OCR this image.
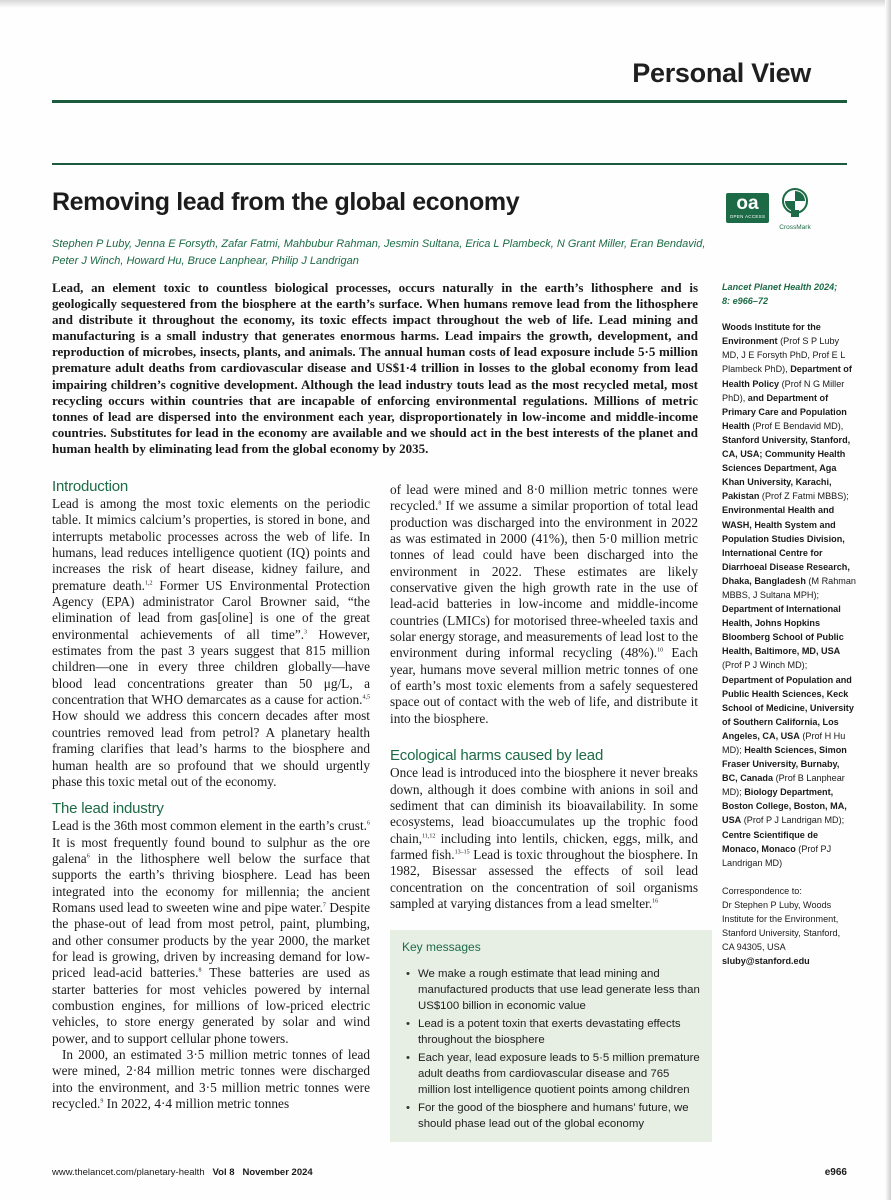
Personal View
Removing lead from the global economy	oa
OPEN ACCESS
CrossMark
Stephen P Luby, Jenna E Forsyth, Zafar Fatmi, Mahbubur Rahman, Jesmin Sultana, Erica L Plambeck, N Grant Miller, Eran Bendavid, Peter J Winch, Howard Hu, Bruce Lanphear, Philip J Landrigan

Lead, an element toxic to countless biological processes, occurs naturally in the earth’s lithosphere and is geologically sequestered from the biosphere at the earth’s surface. When humans remove lead from the lithosphere and distribute it throughout the economy, its toxic effects impact throughout the web of life. Lead mining and manufacturing is a small industry that generates enormous harms. Lead impairs the growth, development, and reproduction of microbes, insects, plants, and animals. The annual human costs of lead exposure include 5·5 million premature adult deaths from cardiovascular disease and US$1·4 trillion in losses to the global economy from lead impairing children’s cognitive development. Although the lead industry touts lead as the most recycled metal, most recycling occurs within countries that are incapable of enforcing environmental regulations. Millions of metric tonnes of lead are dispersed into the environment each year, disproportionately in low-income and middle-income countries. Substitutes for lead in the economy are available and we should act in the best interests of the planet and human health by eliminating lead from the global economy by 2035.

Introduction

Lead is among the most toxic elements on the periodic table. It mimics calcium’s properties, is stored in bone, and interrupts metabolic processes across the web of life. In humans, lead reduces intelligence quotient (IQ) points and increases the risk of heart disease, kidney failure, and premature death.$^{1,2}$ Former US Environmental Protection Agency (EPA) administrator Carol Browner said, “the elimination of lead from gas[oline] is one of the great environmental achievements of all time”.$^3$ However, estimates from the past 3 years suggest that 815 million children—one in every three children globally—have blood lead concentrations greater than 50 μg/L, a concentration that WHO demarcates as a cause for action.$^{4,5}$ How should we address this concern decades after most countries removed lead from petrol? A planetary health framing clarifies that lead’s harms to the biosphere and human health are so profound that we should urgently phase this toxic metal out of the economy.

The lead industry

Lead is the 36th most common element in the earth’s crust.$^6$ It is most frequently found bound to sulphur as the ore galena$^6$ in the lithosphere well below the surface that supports the earth’s thriving biosphere. Lead has been integrated into the economy for millennia; the ancient Romans used lead to sweeten wine and pipe water.$^7$ Despite the phase-out of lead from most petrol, paint, plumbing, and other consumer products by the year 2000, the market for lead is growing, driven by increasing demand for low-priced lead-acid batteries.$^8$ These batteries are used as starter batteries for most vehicles powered by internal combustion engines, for millions of low-priced electric vehicles, to store energy generated by solar and wind power, and to support cellular phone towers.

In 2000, an estimated 3·5 million metric tonnes of lead were mined, 2·84 million metric tonnes were discharged into the environment, and 3·5 million metric tonnes were recycled.$^9$ In 2022, 4·4 million metric tonnes

of lead were mined and 8·0 million metric tonnes were recycled.$^8$ If we assume a similar proportion of total lead production was discharged into the environment in 2022 as was estimated in 2000 (41%), then 5·0 million metric tonnes of lead could have been discharged into the environment in 2022. These estimates are likely conservative given the high growth rate in the use of lead-acid batteries in low-income and middle-income countries (LMICs) for motorised three-wheeled taxis and solar energy storage, and measurements of lead lost to the environment during informal recycling (48%).$^{10}$ Each year, humans move several million metric tonnes of one of earth’s most toxic elements from a safely sequestered space out of contact with the web of life, and distribute it into the biosphere.

Ecological harms caused by lead

Once lead is introduced into the biosphere it never breaks down, although it does combine with anions in soil and sediment that can diminish its bioavailability. In some ecosystems, lead bioaccumulates up the trophic food chain,$^{11,12}$ including into lentils, chicken, eggs, milk, and farmed fish.$^{13-15}$ Lead is toxic throughout the biosphere. In 1982, Bisessar assessed the effects of soil lead concentration on the concentration of soil organisms sampled at varying distances from a lead smelter.$^{16}$

Key messages
• We make a rough estimate that lead mining and manufactured products that use lead generate less than US$100 billion in economic value
• Lead is a potent toxin that exerts devastating effects throughout the biosphere
• Each year, lead exposure leads to 5·5 million premature adult deaths from cardiovascular disease and 765 million lost intelligence quotient points among children
• For the good of the biosphere and humans’ future, we should phase lead out of the global economy
Lancet Planet Health 2024;
8: e966–72
Woods Institute for the Environment (Prof S P Luby MD, J E Forsyth PhD, Prof E L Plambeck PhD), Department of Health Policy (Prof N G Miller PhD), and Department of Primary Care and Population Health (Prof E Bendavid MD), Stanford University, Stanford, CA, USA; Community Health Sciences Department, Aga Khan University, Karachi, Pakistan (Prof Z Fatmi MBBS); Environmental Health and WASH, Health System and Population Studies Division, International Centre for Diarrhoeal Disease Research, Dhaka, Bangladesh (M Rahman MBBS, J Sultana MPH); Department of International Health, Johns Hopkins Bloomberg School of Public Health, Baltimore, MD, USA (Prof P J Winch MD); Department of Population and Public Health Sciences, Keck School of Medicine, University of Southern California, Los Angeles, CA, USA (Prof H Hu MD); Health Sciences, Simon Fraser University, Burnaby, BC, Canada (Prof B Lanphear MD); Biology Department, Boston College, Boston, MA, USA (Prof P J Landrigan MD); Centre Scientifique de Monaco, Monaco (Prof PJ Landrigan MD)
Correspondence to:
Dr Stephen P Luby, Woods
Institute for the Environment,
Stanford University, Stanford,
CA 94305, USA
sluby@stanford.edu
www.thelancet.com/planetary-health Vol 8 November 2024	e966
